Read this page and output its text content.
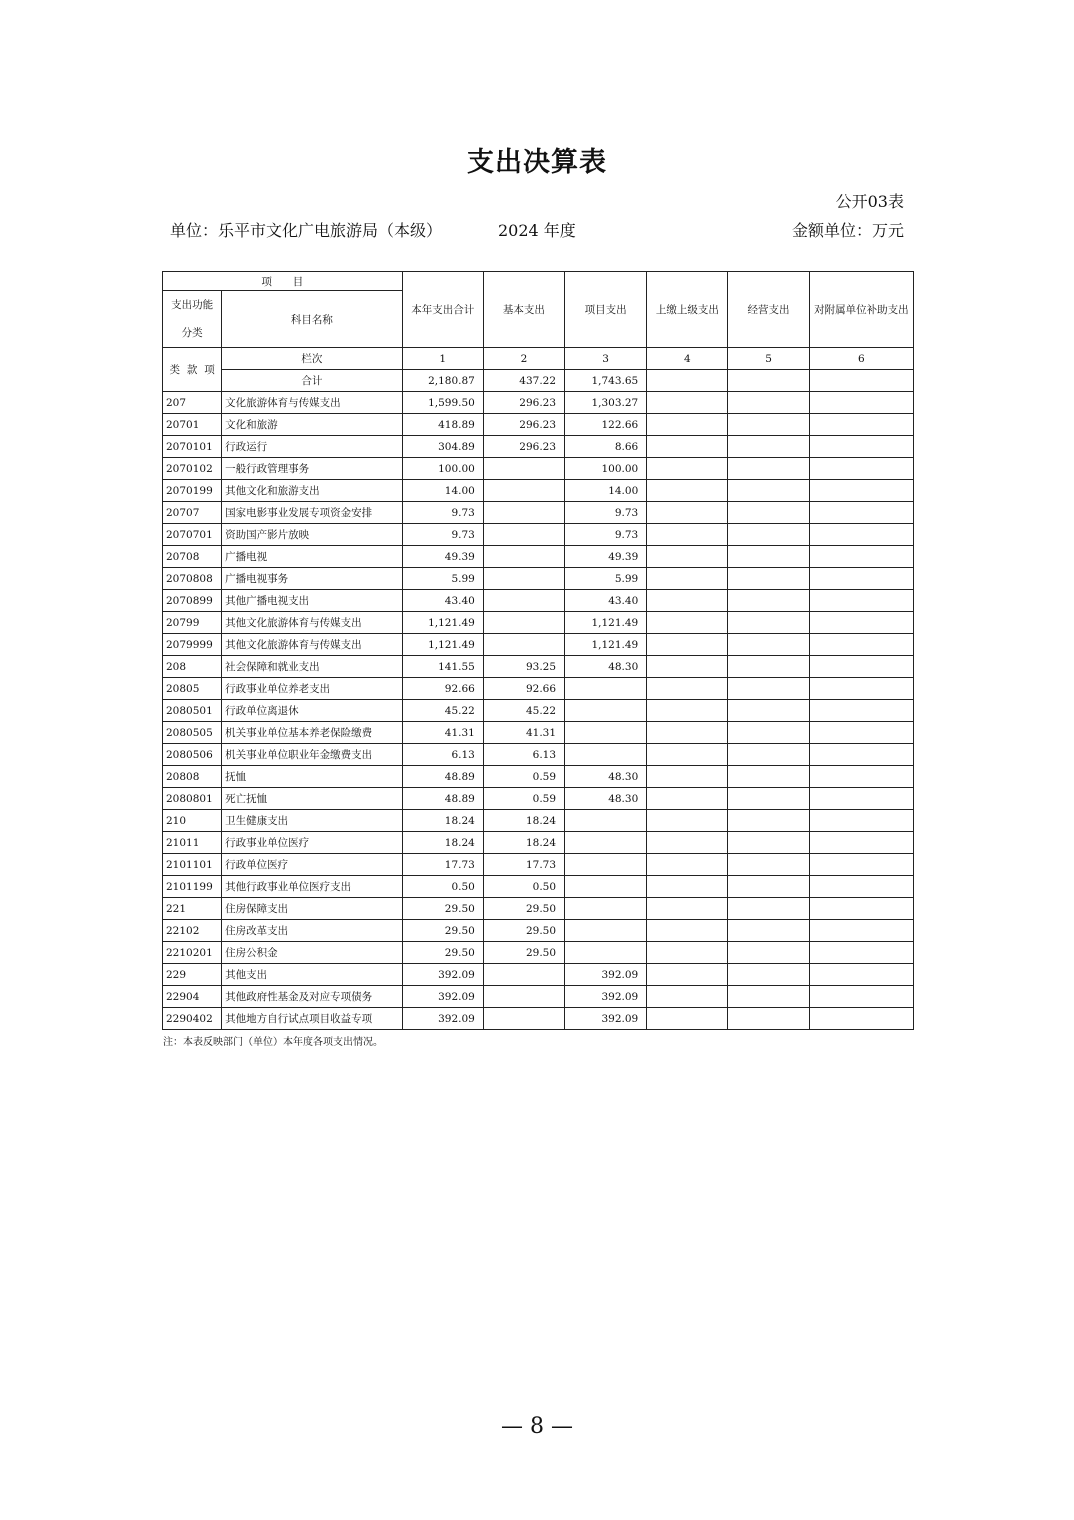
支出决算表
公开03表
单位：乐平市文化广电旅游局（本级）	2024 年度	金额单位：万元
项　　目		本年支出合计	基本支出	项目支出	上缴上级支出	经营支出	对附属单位补助支出
支出功能分类	科目名称						

类 款 项	栏次	1	2	3	4	5	6
	合计	2,180.87	437.22	1,743.65			
207	文化旅游体育与传媒支出	1,599.50	296.23	1,303.27			
20701	文化和旅游	418.89	296.23	122.66			
2070101	行政运行	304.89	296.23	8.66			
2070102	一般行政管理事务	100.00		100.00			
2070199	其他文化和旅游支出	14.00		14.00			
20707	国家电影事业发展专项资金安排	9.73		9.73			
2070701	资助国产影片放映	9.73		9.73			
20708	广播电视	49.39		49.39			
2070808	广播电视事务	5.99		5.99			
2070899	其他广播电视支出	43.40		43.40			
20799	其他文化旅游体育与传媒支出	1,121.49		1,121.49			
2079999	其他文化旅游体育与传媒支出	1,121.49		1,121.49			
208	社会保障和就业支出	141.55	93.25	48.30			
20805	行政事业单位养老支出	92.66	92.66				
2080501	行政单位离退休	45.22	45.22				
2080505	机关事业单位基本养老保险缴费	41.31	41.31				
2080506	机关事业单位职业年金缴费支出	6.13	6.13				
20808	抚恤	48.89	0.59	48.30			
2080801	死亡抚恤	48.89	0.59	48.30			
210	卫生健康支出	18.24	18.24				
21011	行政事业单位医疗	18.24	18.24				
2101101	行政单位医疗	17.73	17.73				
2101199	其他行政事业单位医疗支出	0.50	0.50				
221	住房保障支出	29.50	29.50				
22102	住房改革支出	29.50	29.50				
2210201	住房公积金	29.50	29.50				
229	其他支出	392.09		392.09			
22904	其他政府性基金及对应专项债务	392.09		392.09			
2290402	其他地方自行试点项目收益专项	392.09		392.09			
注：本表反映部门（单位）本年度各项支出情况。
— 8 —
